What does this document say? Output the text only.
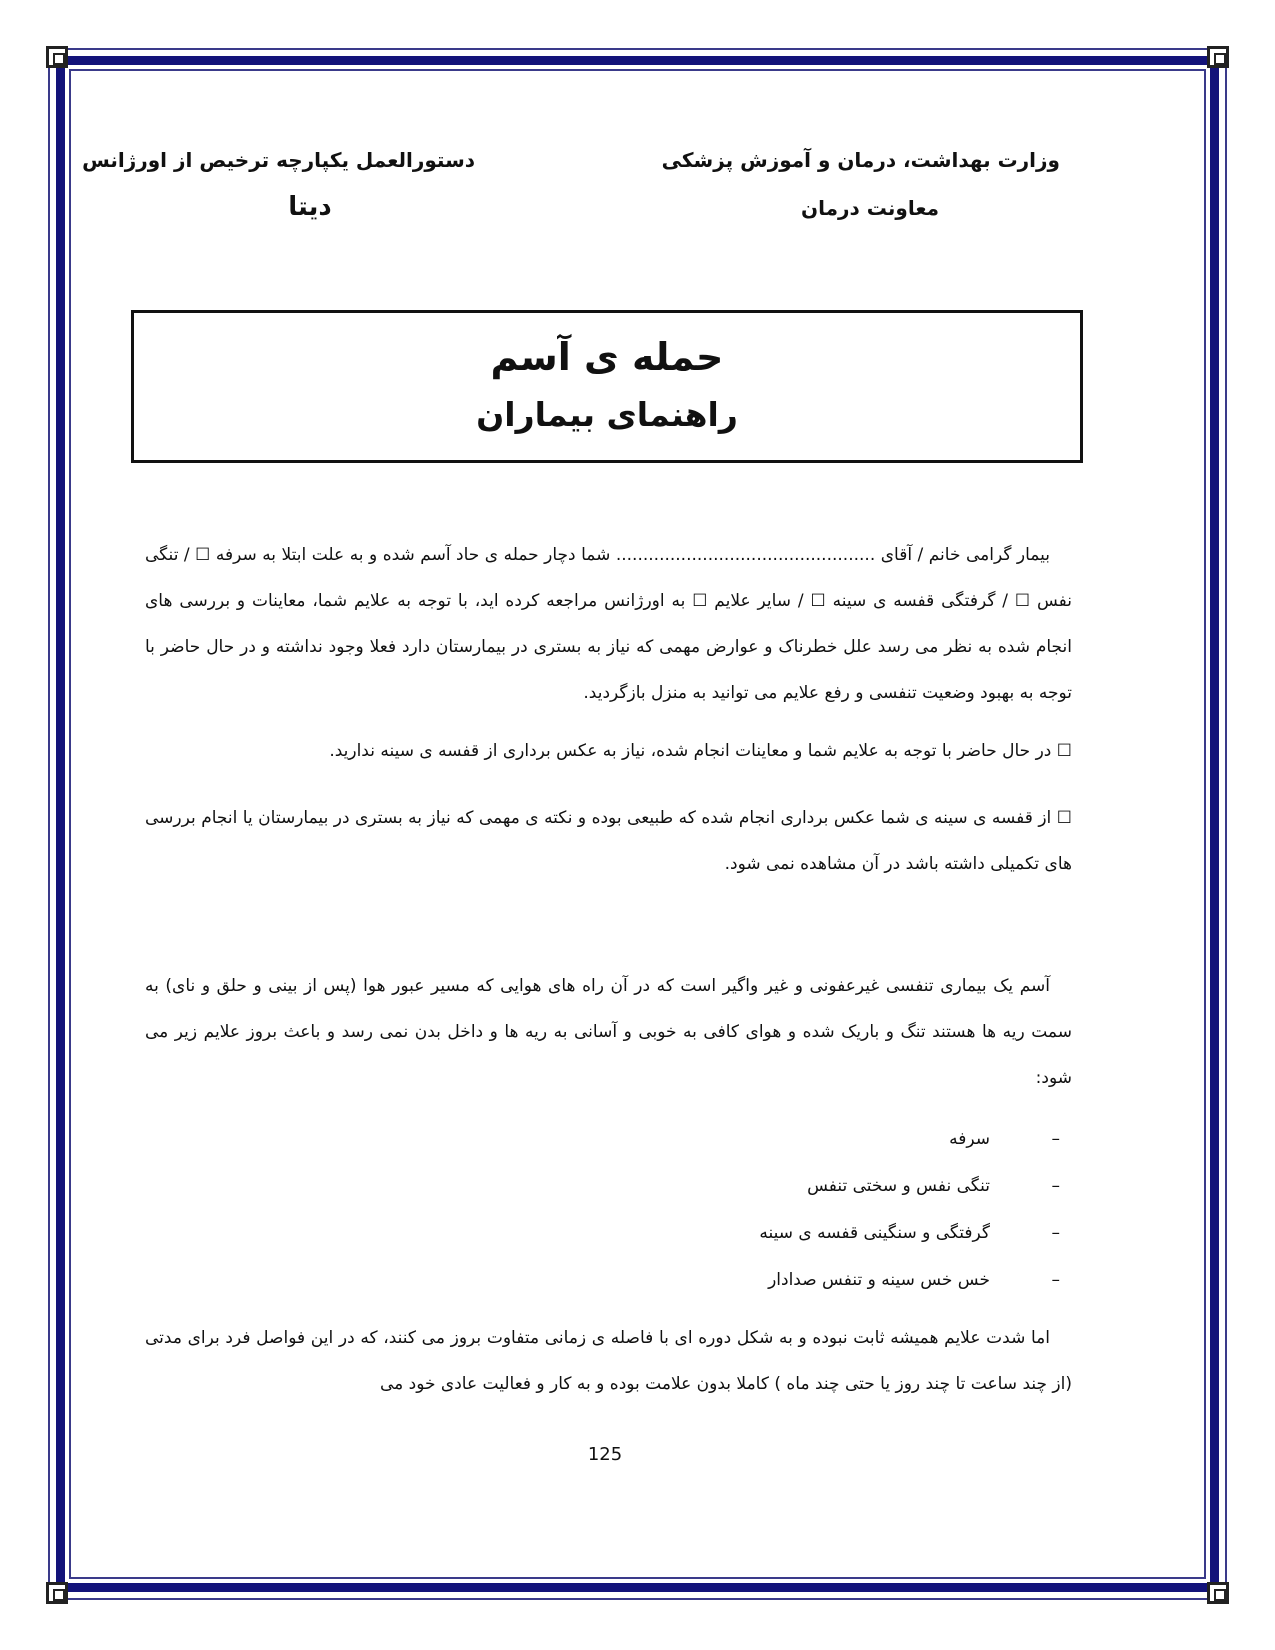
وزارت بهداشت، درمان و آموزش پزشکی
معاونت درمان
دستورالعمل یکپارچه ترخیص از اورژانس
دیتا
حمله ی آسم
راهنمای بیماران
بیمار گرامی خانم / آقای ................................................ شما دچار حمله ی حاد آسم شده و به علت ابتلا به سرفه ☐ / تنگی نفس ☐ / گرفتگی قفسه ی سینه ☐ / سایر علایم ☐ به اورژانس مراجعه کرده اید، با توجه به علایم شما، معاینات و بررسی های انجام شده به نظر می رسد علل خطرناک و عوارض مهمی که نیاز به بستری در بیمارستان دارد فعلا وجود نداشته و در حال حاضر با توجه به بهبود وضعیت تنفسی و رفع علایم می توانید به منزل بازگردید.
☐ در حال حاضر با توجه به علایم شما و معاینات انجام شده، نیاز به عکس برداری از قفسه ی سینه ندارید.
☐ از قفسه ی سینه ی شما عکس برداری انجام شده که طبیعی بوده و نکته ی مهمی که نیاز به بستری در بیمارستان یا انجام بررسی های تکمیلی داشته باشد در آن مشاهده نمی شود.
آسم یک بیماری تنفسی غیرعفونی و غیر واگیر است که در آن راه های هوایی که مسیر عبور هوا (پس از بینی و حلق و نای) به سمت ریه ها هستند تنگ و باریک شده و هوای کافی به خوبی و آسانی به ریه ها و داخل بدن نمی رسد و باعث بروز علایم زیر می شود:
–
سرفه
–
تنگی نفس و سختی تنفس
–
گرفتگی و سنگینی قفسه ی سینه
–
خس خس سینه و تنفس صدادار
اما شدت علایم همیشه ثابت نبوده و به شکل دوره ای با فاصله ی زمانی متفاوت بروز می کنند، که در این فواصل فرد برای مدتی (از چند ساعت تا چند روز یا حتی چند ماه ) کاملا بدون علامت بوده و به کار و فعالیت عادی خود می
125
